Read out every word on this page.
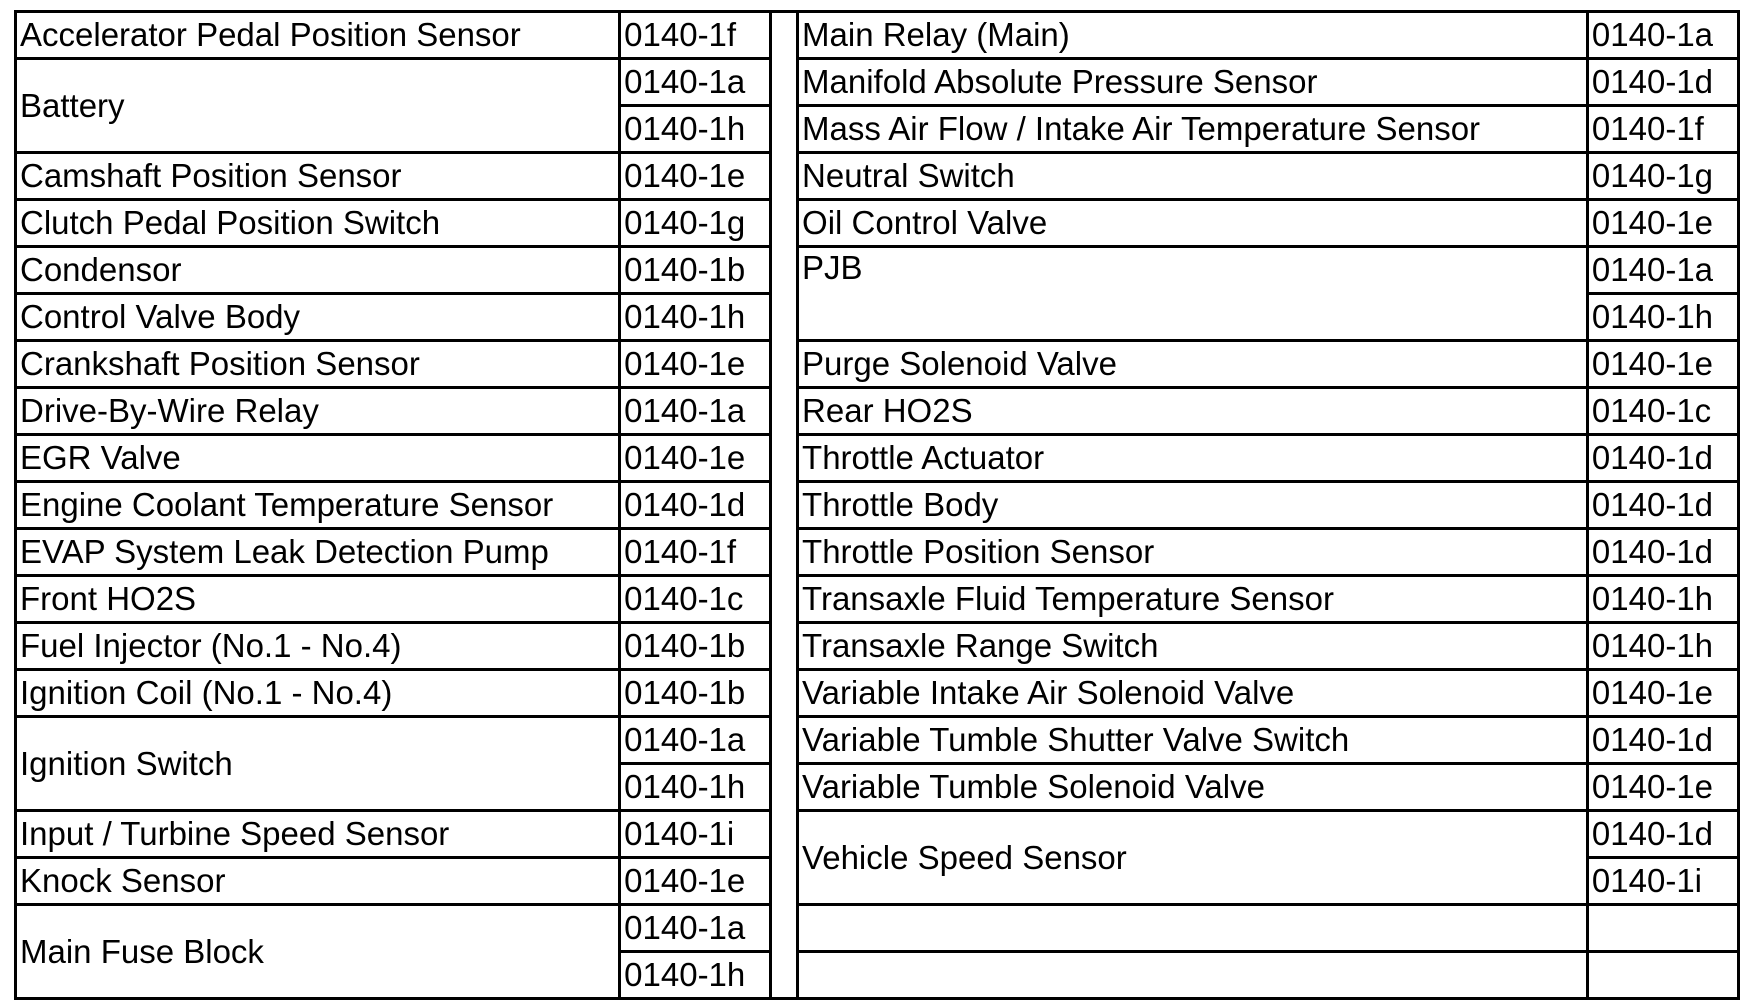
Accelerator Pedal Position Sensor	0140-1f		Main Relay (Main)	0140-1a
Battery	0140-1a		Manifold Absolute Pressure Sensor	0140-1d
	0140-1h		Mass Air Flow / Intake Air Temperature Sensor	0140-1f
Camshaft Position Sensor	0140-1e		Neutral Switch	0140-1g
Clutch Pedal Position Switch	0140-1g		Oil Control Valve	0140-1e
Condensor	0140-1b		PJB	0140-1a
Control Valve Body	0140-1h			0140-1h
Crankshaft Position Sensor	0140-1e		Purge Solenoid Valve	0140-1e
Drive-By-Wire Relay	0140-1a		Rear HO2S	0140-1c
EGR Valve	0140-1e		Throttle Actuator	0140-1d
Engine Coolant Temperature Sensor	0140-1d		Throttle Body	0140-1d
EVAP System Leak Detection Pump	0140-1f		Throttle Position Sensor	0140-1d
Front HO2S	0140-1c		Transaxle Fluid Temperature Sensor	0140-1h
Fuel Injector (No.1 - No.4)	0140-1b		Transaxle Range Switch	0140-1h
Ignition Coil (No.1 - No.4)	0140-1b		Variable Intake Air Solenoid Valve	0140-1e
Ignition Switch	0140-1a		Variable Tumble Shutter Valve Switch	0140-1d
	0140-1h		Variable Tumble Solenoid Valve	0140-1e
Input / Turbine Speed Sensor	0140-1i		Vehicle Speed Sensor	0140-1d
Knock Sensor	0140-1e			0140-1i
Main Fuse Block	0140-1a			
	0140-1h			
